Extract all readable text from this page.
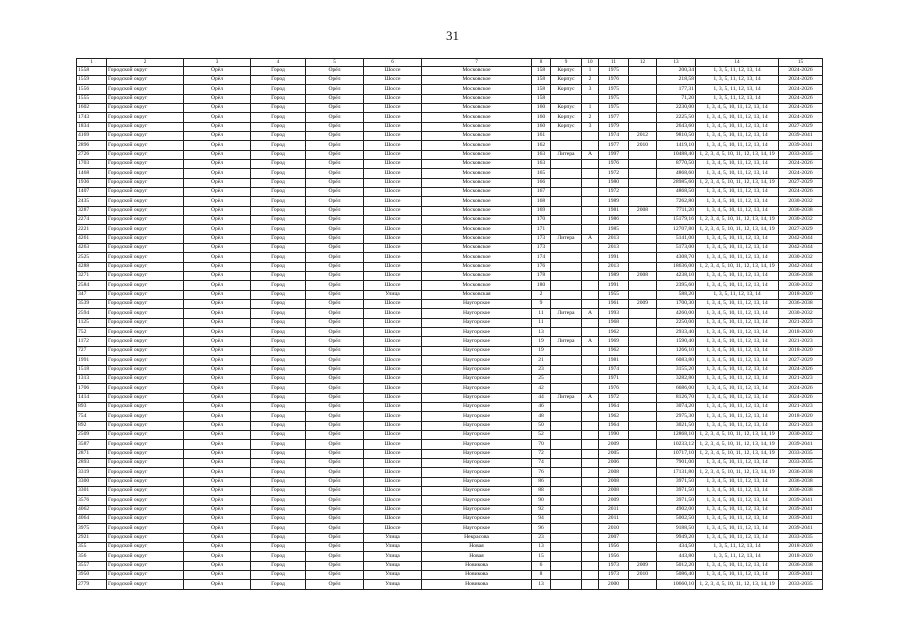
31
1	2	3	4	5	6	7	8	9	10	11	12	13	14	15
1558	Городской округ	Орёл	Город	Орёл	Шоссе	Московское	158	Корпус	1	1975		200,34	1, 3, 5, 11, 12, 13, 14	2024-2026
1559	Городской округ	Орёл	Город	Орёл	Шоссе	Московское	158	Корпус	2	1976		218,58	1, 3, 5, 11, 12, 13, 14	2024-2026
1556	Городской округ	Орёл	Город	Орёл	Шоссе	Московское	158	Корпус	3	1975		177,31	1, 3, 5, 11, 12, 13, 14	2024-2026
1555	Городской округ	Орёл	Город	Орёл	Шоссе	Московское	158			1975		71,20	1, 3, 5, 11, 12, 13, 14	2024-2026
1602	Городской округ	Орёл	Город	Орёл	Шоссе	Московское	160	Корпус	1	1975		2230,00	1, 3, 4, 5, 10, 11, 12, 13, 14	2024-2026
1743	Городской округ	Орёл	Город	Орёл	Шоссе	Московское	160	Корпус	2	1977		2225,50	1, 3, 4, 5, 10, 11, 12, 13, 14	2024-2026
1834	Городской округ	Орёл	Город	Орёл	Шоссе	Московское	160	Корпус	3	1979		2643,60	1, 3, 4, 5, 10, 11, 12, 13, 14	2027-2029
4169	Городской округ	Орёл	Город	Орёл	Шоссе	Московское	161			1974	2012	9810,50	1, 3, 4, 5, 10, 11, 12, 13, 14	2039-2041
2896	Городской округ	Орёл	Город	Орёл	Шоссе	Московское	162			1977	2010	1419,10	1, 3, 4, 5, 10, 11, 12, 13, 14	2039-2041
2726	Городской округ	Орёл	Город	Орёл	Шоссе	Московское	163	Литера	А	1997		10488,40	1, 2, 3, 4, 5, 10, 11, 12, 13, 14, 19	2033-2035
1703	Городской округ	Орёл	Город	Орёл	Шоссе	Московское	163			1976		8770,50	1, 3, 4, 5, 10, 11, 12, 13, 14	2024-2026
1468	Городской округ	Орёл	Город	Орёл	Шоссе	Московское	165			1972		4868,60	1, 3, 4, 5, 10, 11, 12, 13, 14	2024-2026
1936	Городской округ	Орёл	Город	Орёл	Шоссе	Московское	166			1980		28985,60	1, 2, 3, 4, 5, 10, 11, 12, 13, 14, 19	2027-2029
1407	Городской округ	Орёл	Город	Орёл	Шоссе	Московское	167			1972		4868,50	1, 3, 4, 5, 10, 11, 12, 13, 14	2024-2026
2435	Городской округ	Орёл	Город	Орёл	Шоссе	Московское	168			1989		7262,80	1, 3, 4, 5, 10, 11, 12, 13, 14	2030-2032
3287	Городской округ	Орёл	Город	Орёл	Шоссе	Московское	169			1981	2008	7711,20	1, 3, 4, 5, 10, 11, 12, 13, 14	2036-2038
2274	Городской округ	Орёл	Город	Орёл	Шоссе	Московское	170			1986		15179,16	1, 2, 3, 4, 5, 10, 11, 12, 13, 14, 19	2030-2032
2221	Городской округ	Орёл	Город	Орёл	Шоссе	Московское	171			1985		12707,80	1, 2, 3, 4, 5, 10, 11, 12, 13, 14, 19	2027-2029
4261	Городской округ	Орёл	Город	Орёл	Шоссе	Московское	173	Литера	А	2013		5141,00	1, 3, 4, 5, 10, 11, 12, 13, 14	2042-2044
4263	Городской округ	Орёл	Город	Орёл	Шоссе	Московское	173			2013		5173,00	1, 3, 4, 5, 10, 11, 12, 13, 14	2042-2044
2525	Городской округ	Орёл	Город	Орёл	Шоссе	Московское	174			1991		4308,70	1, 3, 4, 5, 10, 11, 12, 13, 14	2030-2032
4288	Городской округ	Орёл	Город	Орёл	Шоссе	Московское	176			2013		18636,00	1, 2, 3, 4, 5, 10, 11, 12, 13, 14, 19	2042-2044
3271	Городской округ	Орёл	Город	Орёл	Шоссе	Московское	178			1989	2008	4238,10	1, 3, 4, 5, 10, 11, 12, 13, 14	2036-2038
2584	Городской округ	Орёл	Город	Орёл	Шоссе	Московское	180			1991		2395,60	1, 3, 4, 5, 10, 11, 12, 13, 14	2030-2032
347	Городской округ	Орёл	Город	Орёл	Улица	Московская	2			1955		588,20	1, 3, 5, 11, 12, 13, 14	2018-2020
3539	Городской округ	Орёл	Город	Орёл	Шоссе	Наугорское	9			1961	2009	1700,30	1, 3, 4, 5, 10, 11, 12, 13, 14	2036-2038
2594	Городской округ	Орёл	Город	Орёл	Шоссе	Наугорское	11	Литера	А	1993		4260,00	1, 3, 4, 5, 10, 11, 12, 13, 14	2030-2032
1125	Городской округ	Орёл	Город	Орёл	Шоссе	Наугорское	11			1968		2250,00	1, 3, 4, 5, 10, 11, 12, 13, 14	2021-2023
752	Городской округ	Орёл	Город	Орёл	Шоссе	Наугорское	13			1962		2933,40	1, 3, 4, 5, 10, 11, 12, 13, 14	2018-2020
1172	Городской округ	Орёл	Город	Орёл	Шоссе	Наугорское	19	Литера	А	1969		1590,40	1, 3, 4, 5, 10, 11, 12, 13, 14	2021-2023
727	Городской округ	Орёл	Город	Орёл	Шоссе	Наугорское	19			1962		1266,10	1, 3, 4, 5, 10, 11, 12, 13, 14	2018-2020
1991	Городской округ	Орёл	Город	Орёл	Шоссе	Наугорское	21			1981		6083,80	1, 3, 4, 5, 10, 11, 12, 13, 14	2027-2029
1518	Городской округ	Орёл	Город	Орёл	Шоссе	Наугорское	23			1974		3155,20	1, 3, 4, 5, 10, 11, 12, 13, 14	2024-2026
1313	Городской округ	Орёл	Город	Орёл	Шоссе	Наугорское	25			1971		3282,80	1, 3, 4, 5, 10, 11, 12, 13, 14	2021-2023
1706	Городской округ	Орёл	Город	Орёл	Шоссе	Наугорское	42			1976		6686,00	1, 3, 4, 5, 10, 11, 12, 13, 14	2024-2026
1414	Городской округ	Орёл	Город	Орёл	Шоссе	Наугорское	44	Литера	А	1972		8126,70	1, 3, 4, 5, 10, 11, 12, 13, 14	2024-2026
893	Городской округ	Орёл	Город	Орёл	Шоссе	Наугорское	46			1964		3074,20	1, 3, 4, 5, 10, 11, 12, 13, 14	2021-2023
754	Городской округ	Орёл	Город	Орёл	Шоссе	Наугорское	48			1962		2975,30	1, 3, 4, 5, 10, 11, 12, 13, 14	2018-2020
892	Городской округ	Орёл	Город	Орёл	Шоссе	Наугорское	50			1964		3021,50	1, 3, 4, 5, 10, 11, 12, 13, 14	2021-2023
2509	Городской округ	Орёл	Город	Орёл	Шоссе	Наугорское	52			1990		12868,10	1, 2, 3, 4, 5, 10, 11, 12, 13, 14, 19	2030-2032
3587	Городской округ	Орёл	Город	Орёл	Шоссе	Наугорское	70			2009		10233,12	1, 2, 3, 4, 5, 10, 11, 12, 13, 14, 19	2039-2041
2871	Городской округ	Орёл	Город	Орёл	Шоссе	Наугорское	72			2005		10717,10	1, 2, 3, 4, 5, 10, 11, 12, 13, 14, 19	2033-2035
2893	Городской округ	Орёл	Город	Орёл	Шоссе	Наугорское	74			2006		7901,00	1, 3, 4, 5, 10, 11, 12, 13, 14	2033-2035
3319	Городской округ	Орёл	Город	Орёл	Шоссе	Наугорское	76			2008		17131,80	1, 2, 3, 4, 5, 10, 11, 12, 13, 14, 19	2036-2038
3300	Городской округ	Орёл	Город	Орёл	Шоссе	Наугорское	86			2008		3971,50	1, 3, 4, 5, 10, 11, 12, 13, 14	2036-2038
3301	Городской округ	Орёл	Город	Орёл	Шоссе	Наугорское	88			2008		3971,50	1, 3, 4, 5, 10, 11, 12, 13, 14	2036-2038
3576	Городской округ	Орёл	Город	Орёл	Шоссе	Наугорское	90			2009		3971,50	1, 3, 4, 5, 10, 11, 12, 13, 14	2039-2041
4062	Городской округ	Орёл	Город	Орёл	Шоссе	Наугорское	92			2011		4902,00	1, 3, 4, 5, 10, 11, 12, 13, 14	2039-2041
4064	Городской округ	Орёл	Город	Орёл	Шоссе	Наугорское	94			2011		5002,50	1, 3, 4, 5, 10, 11, 12, 13, 14	2039-2041
3975	Городской округ	Орёл	Город	Орёл	Шоссе	Наугорское	96			2010		9188,50	1, 3, 4, 5, 10, 11, 12, 13, 14	2039-2041
2921	Городской округ	Орёл	Город	Орёл	Улица	Некрасова	23			2007		9949,20	1, 3, 4, 5, 10, 11, 12, 13, 14	2033-2035
355	Городской округ	Орёл	Город	Орёл	Улица	Новая	13			1956		434,50	1, 3, 5, 11, 12, 13, 14	2018-2020
356	Городской округ	Орёл	Город	Орёл	Улица	Новая	15			1956		443,80	1, 3, 5, 11, 12, 13, 14	2018-2020
3557	Городской округ	Орёл	Город	Орёл	Улица	Новикова	6			1973	2009	5012,20	1, 3, 4, 5, 10, 11, 12, 13, 14	2036-2038
3950	Городской округ	Орёл	Город	Орёл	Улица	Новикова	8			1973	2010	5086,40	1, 3, 4, 5, 10, 11, 12, 13, 14	2039-2041
2779	Городской округ	Орёл	Город	Орёл	Улица	Новикова	13			2000		10660,10	1, 2, 3, 4, 5, 10, 11, 12, 13, 14, 19	2033-2035
